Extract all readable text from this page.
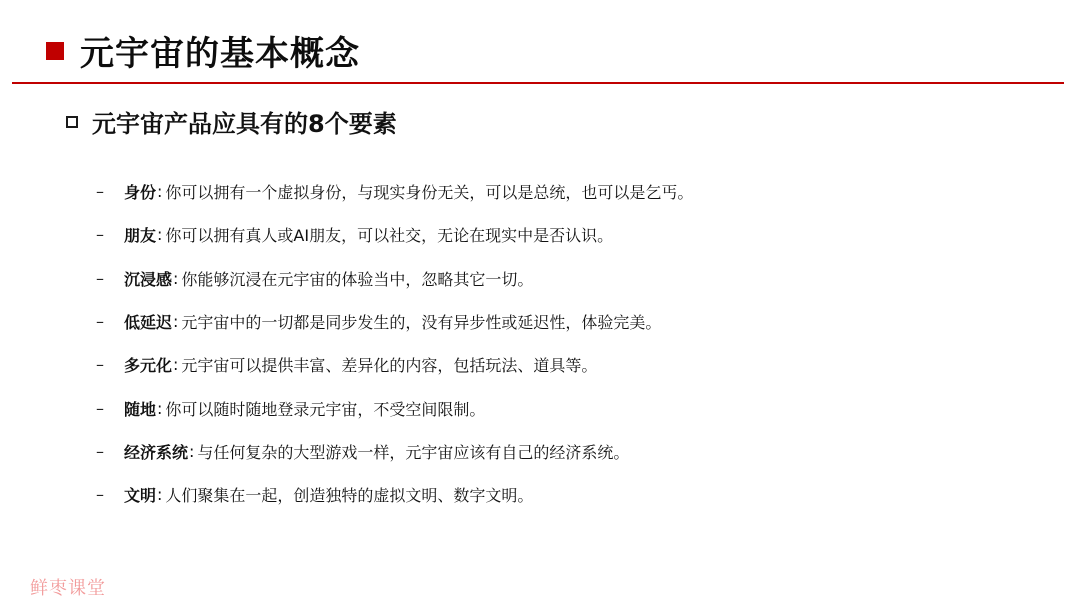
元宇宙的基本概念
元宇宙产品应具有的8个要素
–	身份 : 你可以拥有一个虚拟身份，与现实身份无关，可以是总统，也可以是乞丐。
–	朋友 : 你可以拥有真人或AI朋友，可以社交，无论在现实中是否认识。
–	沉浸感 : 你能够沉浸在元宇宙的体验当中，忽略其它一切。
–	低延迟 : 元宇宙中的一切都是同步发生的，没有异步性或延迟性，体验完美。
–	多元化 : 元宇宙可以提供丰富、差异化的内容，包括玩法、道具等。
–	随地 : 你可以随时随地登录元宇宙，不受空间限制。
–	经济系统 : 与任何复杂的大型游戏一样，元宇宙应该有自己的经济系统。
–	文明 : 人们聚集在一起，创造独特的虚拟文明、数字文明。
鲜枣课堂
